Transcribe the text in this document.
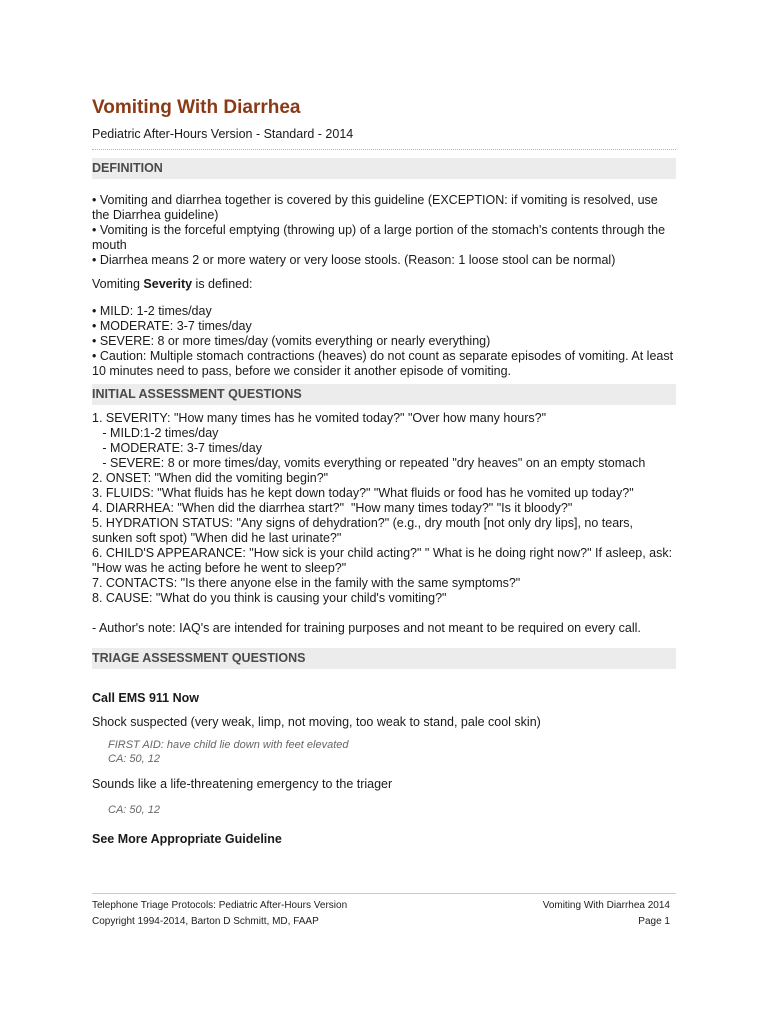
Vomiting With Diarrhea
Pediatric After-Hours Version - Standard - 2014
DEFINITION
• Vomiting and diarrhea together is covered by this guideline (EXCEPTION: if vomiting is resolved, use the Diarrhea guideline)
• Vomiting is the forceful emptying (throwing up) of a large portion of the stomach's contents through the mouth
• Diarrhea means 2 or more watery or very loose stools. (Reason: 1 loose stool can be normal)
Vomiting Severity is defined:
• MILD: 1-2 times/day
• MODERATE: 3-7 times/day
• SEVERE: 8 or more times/day (vomits everything or nearly everything)
• Caution: Multiple stomach contractions (heaves) do not count as separate episodes of vomiting. At least 10 minutes need to pass, before we consider it another episode of vomiting.
INITIAL ASSESSMENT QUESTIONS
1. SEVERITY: "How many times has he vomited today?" "Over how many hours?"
- MILD:1-2 times/day
- MODERATE: 3-7 times/day
- SEVERE: 8 or more times/day, vomits everything or repeated "dry heaves" on an empty stomach
2. ONSET: "When did the vomiting begin?"
3. FLUIDS: "What fluids has he kept down today?" "What fluids or food has he vomited up today?"
4. DIARRHEA: "When did the diarrhea start?"  "How many times today?" "Is it bloody?"
5. HYDRATION STATUS: "Any signs of dehydration?" (e.g., dry mouth [not only dry lips], no tears, sunken soft spot) "When did he last urinate?"
6. CHILD'S APPEARANCE: "How sick is your child acting?" " What is he doing right now?" If asleep, ask: "How was he acting before he went to sleep?"
7. CONTACTS: "Is there anyone else in the family with the same symptoms?"
8. CAUSE: "What do you think is causing your child's vomiting?"
- Author's note: IAQ's are intended for training purposes and not meant to be required on every call.
TRIAGE ASSESSMENT QUESTIONS
Call EMS 911 Now
Shock suspected (very weak, limp, not moving, too weak to stand, pale cool skin)
FIRST AID: have child lie down with feet elevated
CA: 50, 12
Sounds like a life-threatening emergency to the triager
CA: 50, 12
See More Appropriate Guideline
Telephone Triage Protocols: Pediatric After-Hours Version	Vomiting With Diarrhea 2014
Copyright 1994-2014, Barton D Schmitt, MD, FAAP	Page 1
